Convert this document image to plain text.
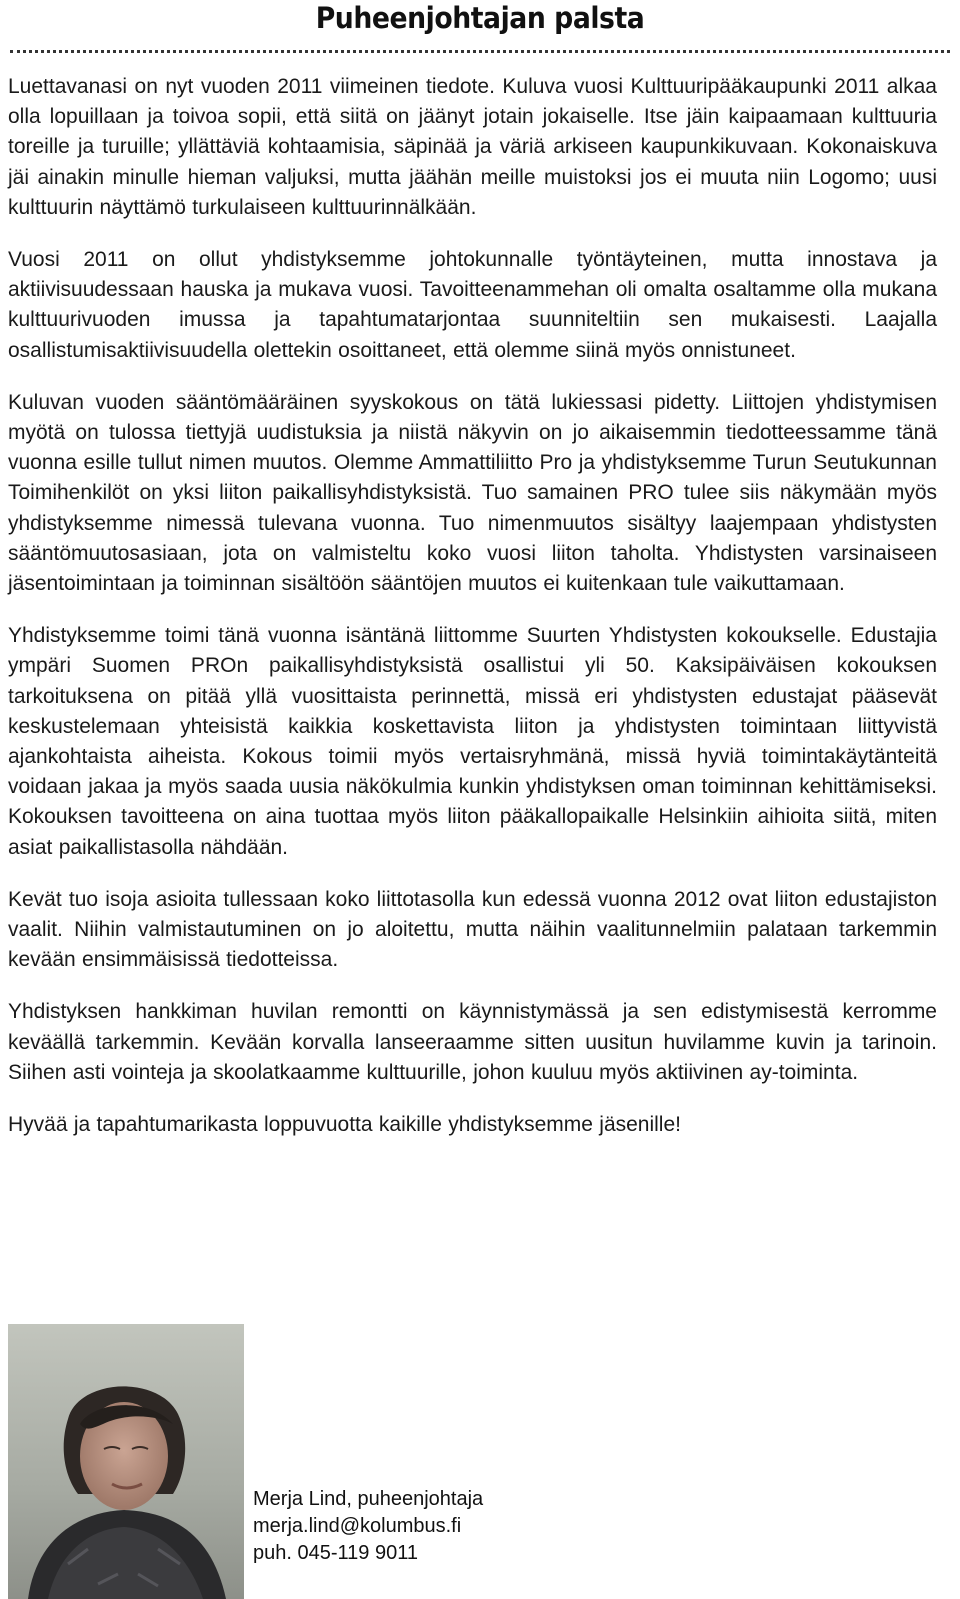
Puheenjohtajan palsta

Luettavanasi on nyt vuoden 2011 viimeinen tiedote. Kuluva vuosi Kulttuuripääkaupunki 2011 alkaa olla lopuillaan ja toivoa sopii, että siitä on jäänyt jotain jokaiselle. Itse jäin kaipaamaan kulttuuria toreille ja turuille; yllättäviä kohtaamisia, säpinää ja väriä arkiseen kaupunkikuvaan. Kokonaiskuva jäi ainakin minulle hieman valjuksi, mutta jäähän meille muistoksi jos ei muuta niin Logomo; uusi kulttuurin näyttämö turkulaiseen kulttuurinnälkään.

Vuosi 2011 on ollut yhdistyksemme johtokunnalle työntäyteinen, mutta innostava ja aktiivisuudessaan hauska ja mukava vuosi. Tavoitteenammehan oli omalta osaltamme olla mukana kulttuurivuoden imussa ja tapahtumatarjontaa suunniteltiin sen mukaisesti. Laajalla osallistumisaktiivisuudella olettekin osoittaneet, että olemme siinä myös onnistuneet.

Kuluvan vuoden sääntömääräinen syyskokous on tätä lukiessasi pidetty. Liittojen yhdistymisen myötä on tulossa tiettyjä uudistuksia ja niistä näkyvin on jo aikaisemmin tiedotteessamme tänä vuonna esille tullut nimen muutos. Olemme Ammattiliitto Pro ja yhdistyksemme Turun Seutukunnan Toimihenkilöt on yksi liiton paikallisyhdistyksistä. Tuo samainen PRO tulee siis näkymään myös yhdistyksemme nimessä tulevana vuonna. Tuo nimenmuutos sisältyy laajempaan yhdistysten sääntömuutosasiaan, jota on valmisteltu koko vuosi liiton taholta. Yhdistysten varsinaiseen jäsentoimintaan ja toiminnan sisältöön sääntöjen muutos ei kuitenkaan tule vaikuttamaan.

Yhdistyksemme toimi tänä vuonna isäntänä liittomme Suurten Yhdistysten kokoukselle. Edustajia ympäri Suomen PROn paikallisyhdistyksistä osallistui yli 50. Kaksipäiväisen kokouksen tarkoituksena on pitää yllä vuosittaista perinnettä, missä eri yhdistysten edustajat pääsevät keskustelemaan yhteisistä kaikkia koskettavista liiton ja yhdistysten toimintaan liittyvistä ajankohtaista aiheista. Kokous toimii myös vertaisryhmänä, missä hyviä toimintakäytänteitä voidaan jakaa ja myös saada uusia näkökulmia kunkin yhdistyksen oman toiminnan kehittämiseksi. Kokouksen tavoitteena on aina tuottaa myös liiton pääkallopaikalle Helsinkiin aihioita siitä, miten asiat paikallistasolla nähdään.

Kevät tuo isoja asioita tullessaan koko liittotasolla kun edessä vuonna 2012 ovat liiton edustajiston vaalit. Niihin valmistautuminen on jo aloitettu, mutta näihin vaalitunnelmiin palataan tarkemmin kevään ensimmäisissä tiedotteissa.

Yhdistyksen hankkiman huvilan remontti on käynnistymässä ja sen edistymisestä kerromme keväällä tarkemmin. Kevään korvalla lanseeraamme sitten uusitun huvilamme kuvin ja tarinoin. Siihen asti vointeja ja skoolatkaamme kulttuurille, johon kuuluu myös aktiivinen ay-toiminta.

Hyvää ja tapahtumarikasta loppuvuotta kaikille yhdistyksemme jäsenille!

Merja Lind, puheenjohtaja
merja.lind@kolumbus.fi
puh. 045-119 9011
